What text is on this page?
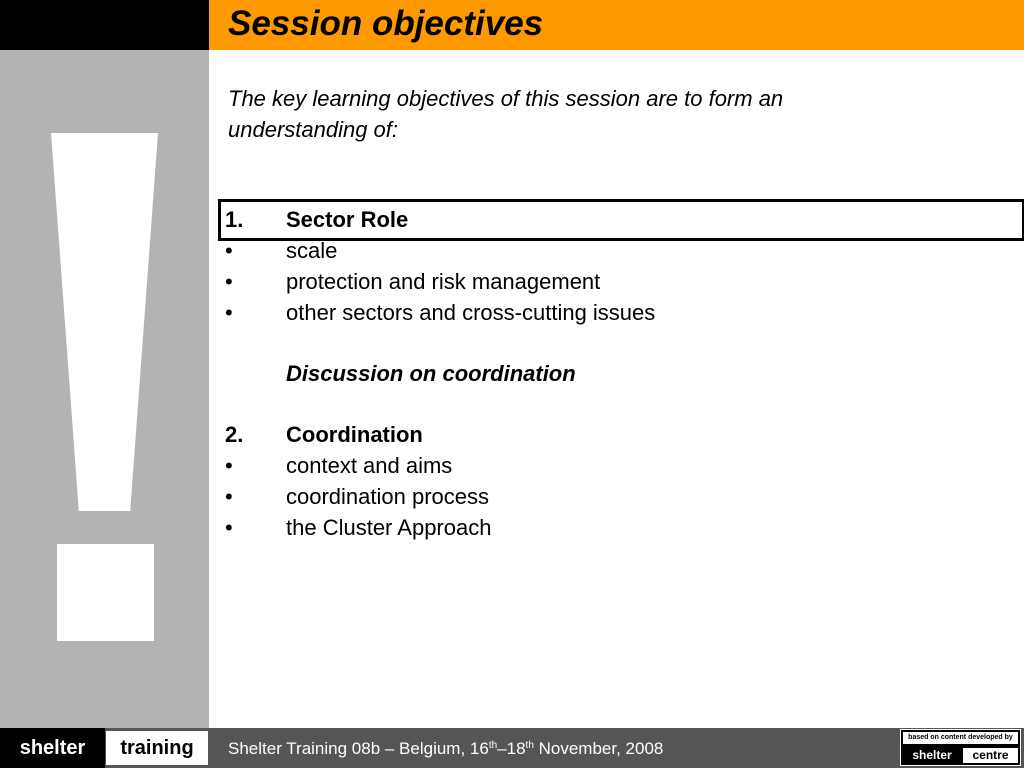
Session objectives
The key learning objectives of this session are to form an understanding of:
1.	Sector Role
•	scale
•	protection and risk management
•	other sectors and cross-cutting issues
Discussion on coordination
2.	Coordination
•	context and aims
•	coordination process
•	the Cluster Approach
shelter	training	Shelter Training 08b – Belgium, 16th–18th November, 2008
based on content developed by
shelter	centre
